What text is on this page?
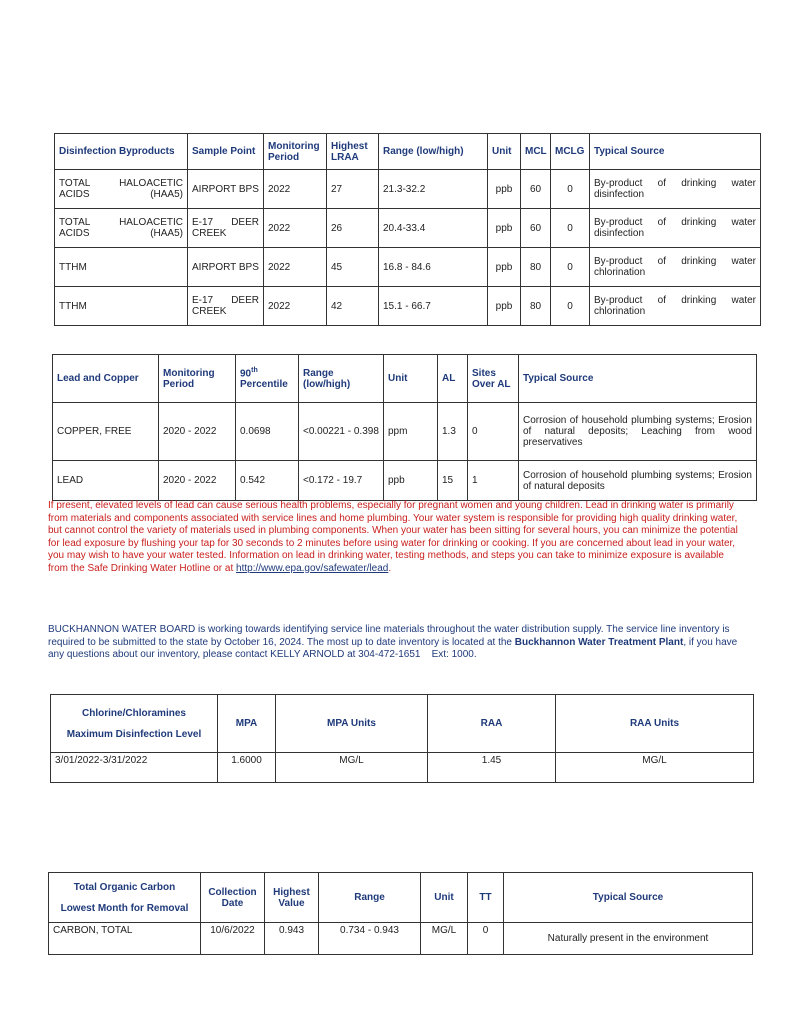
Disinfection Byproducts	Sample Point	Monitoring Period	Highest LRAA	Range (low/high)	Unit	MCL	MCLG	Typical Source
TOTAL HALOACETIC ACIDS (HAA5)	AIRPORT BPS	2022	27	21.3-32.2	ppb	60	0	By-product of drinking water disinfection
TOTAL HALOACETIC ACIDS (HAA5)	E-17 DEER CREEK	2022	26	20.4-33.4	ppb	60	0	By-product of drinking water disinfection
TTHM	AIRPORT BPS	2022	45	16.8 - 84.6	ppb	80	0	By-product of drinking water chlorination
TTHM	E-17 DEER CREEK	2022	42	15.1 - 66.7	ppb	80	0	By-product of drinking water chlorination
Lead and Copper	Monitoring Period	90th
Percentile	Range (low/high)	Unit	AL	Sites Over AL	Typical Source
COPPER, FREE	2020 - 2022	0.0698	<0.00221 - 0.398	ppm	1.3	0	Corrosion of household plumbing systems; Erosion of natural deposits; Leaching from wood preservatives
LEAD	2020 - 2022	0.542	<0.172 - 19.7	ppb	15	1	Corrosion of household plumbing systems; Erosion of natural deposits
If present, elevated levels of lead can cause serious health problems, especially for pregnant women and young children. Lead in drinking water is primarily from materials and components associated with service lines and home plumbing. Your water system is responsible for providing high quality drinking water, but cannot control the variety of materials used in plumbing components. When your water has been sitting for several hours, you can minimize the potential for lead exposure by flushing your tap for 30 seconds to 2 minutes before using water for drinking or cooking. If you are concerned about lead in your water, you may wish to have your water tested. Information on lead in drinking water, testing methods, and steps you can take to minimize exposure is available from the Safe Drinking Water Hotline or at http://www.epa.gov/safewater/lead.
BUCKHANNON WATER BOARD is working towards identifying service line materials throughout the water distribution supply. The service line inventory is required to be submitted to the state by October 16, 2024. The most up to date inventory is located at the Buckhannon Water Treatment Plant, if you have any questions about our inventory, please contact KELLY ARNOLD at 304-472-1651    Ext: 1000.
Chlorine/Chloramines
Maximum Disinfection Level	MPA	MPA Units	RAA	RAA Units
3/01/2022-3/31/2022	1.6000	MG/L	1.45	MG/L
Total Organic Carbon
Lowest Month for Removal	Collection Date	Highest Value	Range	Unit	TT	Typical Source
CARBON, TOTAL	10/6/2022	0.943	0.734 - 0.943	MG/L	0	Naturally present in the environment
